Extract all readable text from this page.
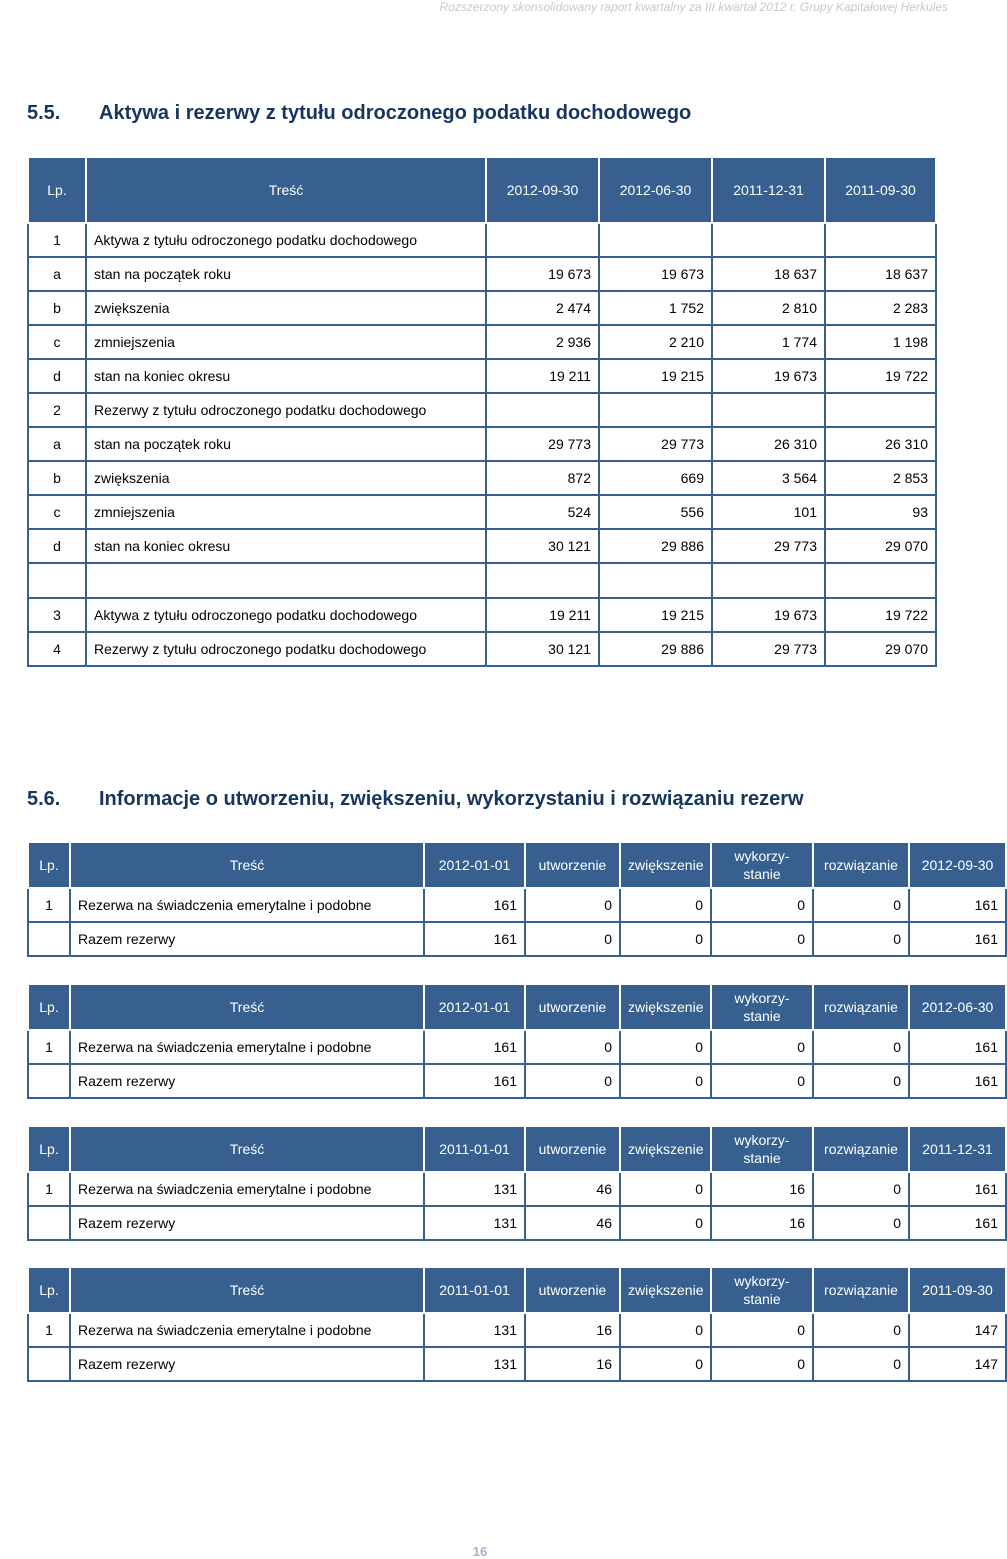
Rozszerzony skonsolidowany raport kwartalny za III kwartał 2012 r. Grupy Kapitałowej Herkules
5.5. Aktywa i rezerwy z tytułu odroczonego podatku dochodowego
Lp.	Treść	2012-09-30	2012-06-30	2011-12-31	2011-09-30
1	Aktywa z tytułu odroczonego podatku dochodowego				
a	stan na początek roku	19 673	19 673	18 637	18 637
b	zwiększenia	2 474	1 752	2 810	2 283
c	zmniejszenia	2 936	2 210	1 774	1 198
d	stan na koniec okresu	19 211	19 215	19 673	19 722
2	Rezerwy z tytułu odroczonego podatku dochodowego				
a	stan na początek roku	29 773	29 773	26 310	26 310
b	zwiększenia	872	669	3 564	2 853
c	zmniejszenia	524	556	101	93
d	stan na koniec okresu	30 121	29 886	29 773	29 070

3	Aktywa z tytułu odroczonego podatku dochodowego	19 211	19 215	19 673	19 722
4	Rezerwy z tytułu odroczonego podatku dochodowego	30 121	29 886	29 773	29 070
5.6. Informacje o utworzeniu, zwiększeniu, wykorzystaniu i rozwiązaniu rezerw
Lp.	Treść	2012-01-01	utworzenie	zwiększenie	wykorzy-stanie	rozwiązanie	2012-09-30
1	Rezerwa na świadczenia emerytalne i podobne	161	0	0	0	0	161
	Razem rezerwy	161	0	0	0	0	161
Lp.	Treść	2012-01-01	utworzenie	zwiększenie	wykorzy-stanie	rozwiązanie	2012-06-30
1	Rezerwa na świadczenia emerytalne i podobne	161	0	0	0	0	161
	Razem rezerwy	161	0	0	0	0	161
Lp.	Treść	2011-01-01	utworzenie	zwiększenie	wykorzy-stanie	rozwiązanie	2011-12-31
1	Rezerwa na świadczenia emerytalne i podobne	131	46	0	16	0	161
	Razem rezerwy	131	46	0	16	0	161
Lp.	Treść	2011-01-01	utworzenie	zwiększenie	wykorzy-stanie	rozwiązanie	2011-09-30
1	Rezerwa na świadczenia emerytalne i podobne	131	16	0	0	0	147
	Razem rezerwy	131	16	0	0	0	147
16
